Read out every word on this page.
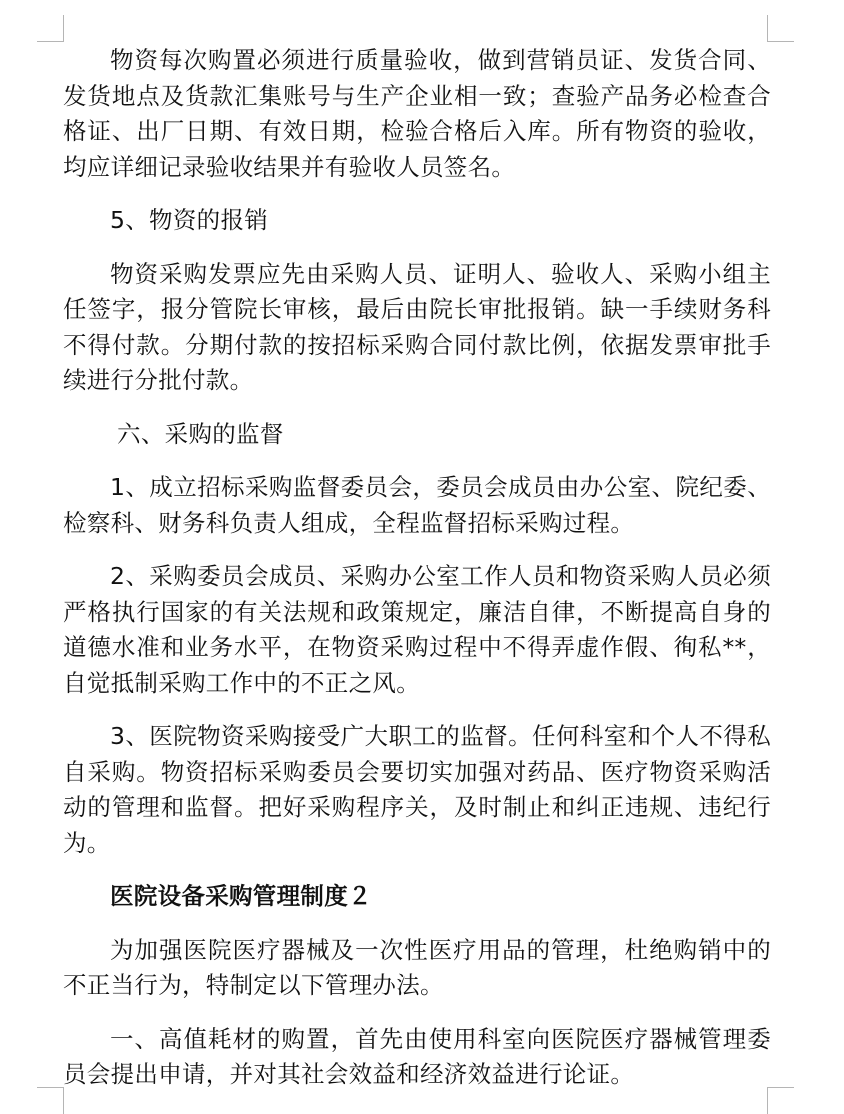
物资每次购置必须进行质量验收，做到营销员证、发货合同、发货地点及货款汇集账号与生产企业相一致；查验产品务必检查合格证、出厂日期、有效日期，检验合格后入库。所有物资的验收，均应详细记录验收结果并有验收人员签名。

5、物资的报销

物资采购发票应先由采购人员、证明人、验收人、采购小组主任签字，报分管院长审核，最后由院长审批报销。缺一手续财务科不得付款。分期付款的按招标采购合同付款比例，依据发票审批手续进行分批付款。

六、采购的监督

1、成立招标采购监督委员会，委员会成员由办公室、院纪委、检察科、财务科负责人组成，全程监督招标采购过程。

2、采购委员会成员、采购办公室工作人员和物资采购人员必须严格执行国家的有关法规和政策规定，廉洁自律，不断提高自身的道德水准和业务水平，在物资采购过程中不得弄虚作假、徇私**，自觉抵制采购工作中的不正之风。

3、医院物资采购接受广大职工的监督。任何科室和个人不得私自采购。物资招标采购委员会要切实加强对药品、医疗物资采购活动的管理和监督。把好采购程序关，及时制止和纠正违规、违纪行为。

医院设备采购管理制度２

为加强医院医疗器械及一次性医疗用品的管理，杜绝购销中的不正当行为，特制定以下管理办法。

一、高值耗材的购置，首先由使用科室向医院医疗器械管理委员会提出申请，并对其社会效益和经济效益进行论证。
